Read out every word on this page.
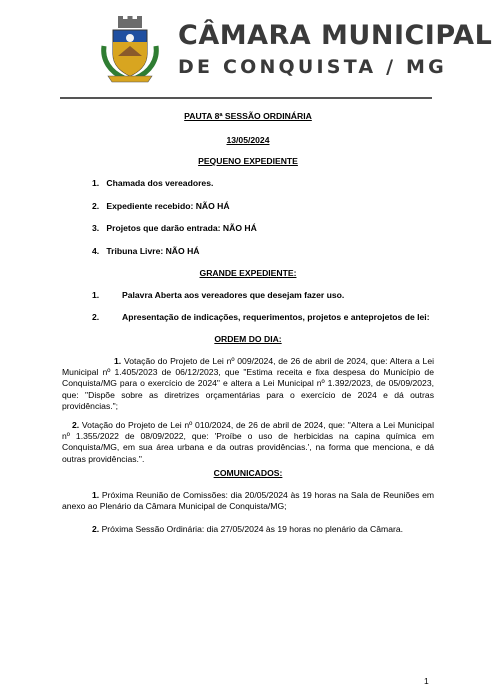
CÂMARA MUNICIPAL
DE CONQUISTA / MG
PAUTA 8ª SESSÃO ORDINÁRIA
13/05/2024
PEQUENO EXPEDIENTE
1. Chamada dos vereadores.
2. Expediente recebido: NÃO HÁ
3. Projetos que darão entrada: NÃO HÁ
4. Tribuna Livre: NÃO HÁ
GRANDE EXPEDIENTE:
1.	Palavra Aberta aos vereadores que desejam fazer uso.
2.	Apresentação de indicações, requerimentos, projetos e anteprojetos de lei:
ORDEM DO DIA:
1. Votação do Projeto de Lei nº 009/2024, de 26 de abril de 2024, que: Altera a Lei Municipal nº 1.405/2023 de 06/12/2023, que "Estima receita e fixa despesa do Município de Conquista/MG para o exercício de 2024" e altera a Lei Municipal nº 1.392/2023, de 05/09/2023, que: "Dispõe sobre as diretrizes orçamentárias para o exercício de 2024 e dá outras providências.";
2. Votação do Projeto de Lei nº 010/2024, de 26 de abril de 2024, que: "Altera a Lei Municipal nº 1.355/2022 de 08/09/2022, que: 'Proíbe o uso de herbicidas na capina química em Conquista/MG, em sua área urbana e da outras providências.', na forma que menciona, e dá outras providências.".
COMUNICADOS:
1. Próxima Reunião de Comissões: dia 20/05/2024 às 19 horas na Sala de Reuniões em anexo ao Plenário da Câmara Municipal de Conquista/MG;
2. Próxima Sessão Ordinária: dia 27/05/2024 às 19 horas no plenário da Câmara.
1
